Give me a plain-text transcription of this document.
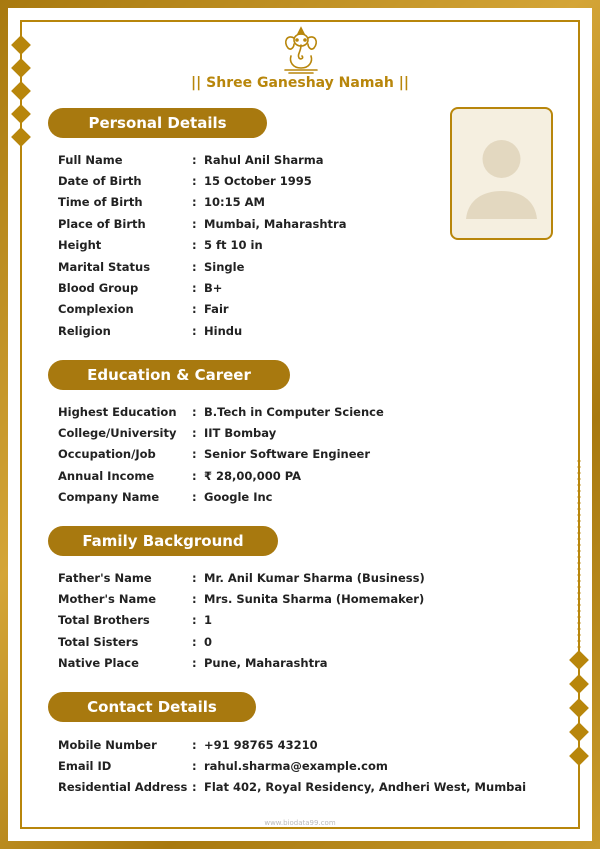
|| Shree Ganeshay Namah ||
Personal Details
Full Name	: Rahul Anil Sharma
Date of Birth	: 15 October 1995
Time of Birth	: 10:15 AM
Place of Birth	: Mumbai, Maharashtra
Height	: 5 ft 10 in
Marital Status	: Single
Blood Group	: B+
Complexion	: Fair
Religion	: Hindu
Education & Career
Highest Education	: B.Tech in Computer Science
College/University	: IIT Bombay
Occupation/Job	: Senior Software Engineer
Annual Income	: ₹ 28,00,000 PA
Company Name	: Google Inc
Family Background
Father's Name	: Mr. Anil Kumar Sharma (Business)
Mother's Name	: Mrs. Sunita Sharma (Homemaker)
Total Brothers	: 1
Total Sisters	: 0
Native Place	: Pune, Maharashtra
Contact Details
Mobile Number	: +91 98765 43210
Email ID	: rahul.sharma@example.com
Residential Address : Flat 402, Royal Residency, Andheri West, Mumbai
www.biodata99.com
